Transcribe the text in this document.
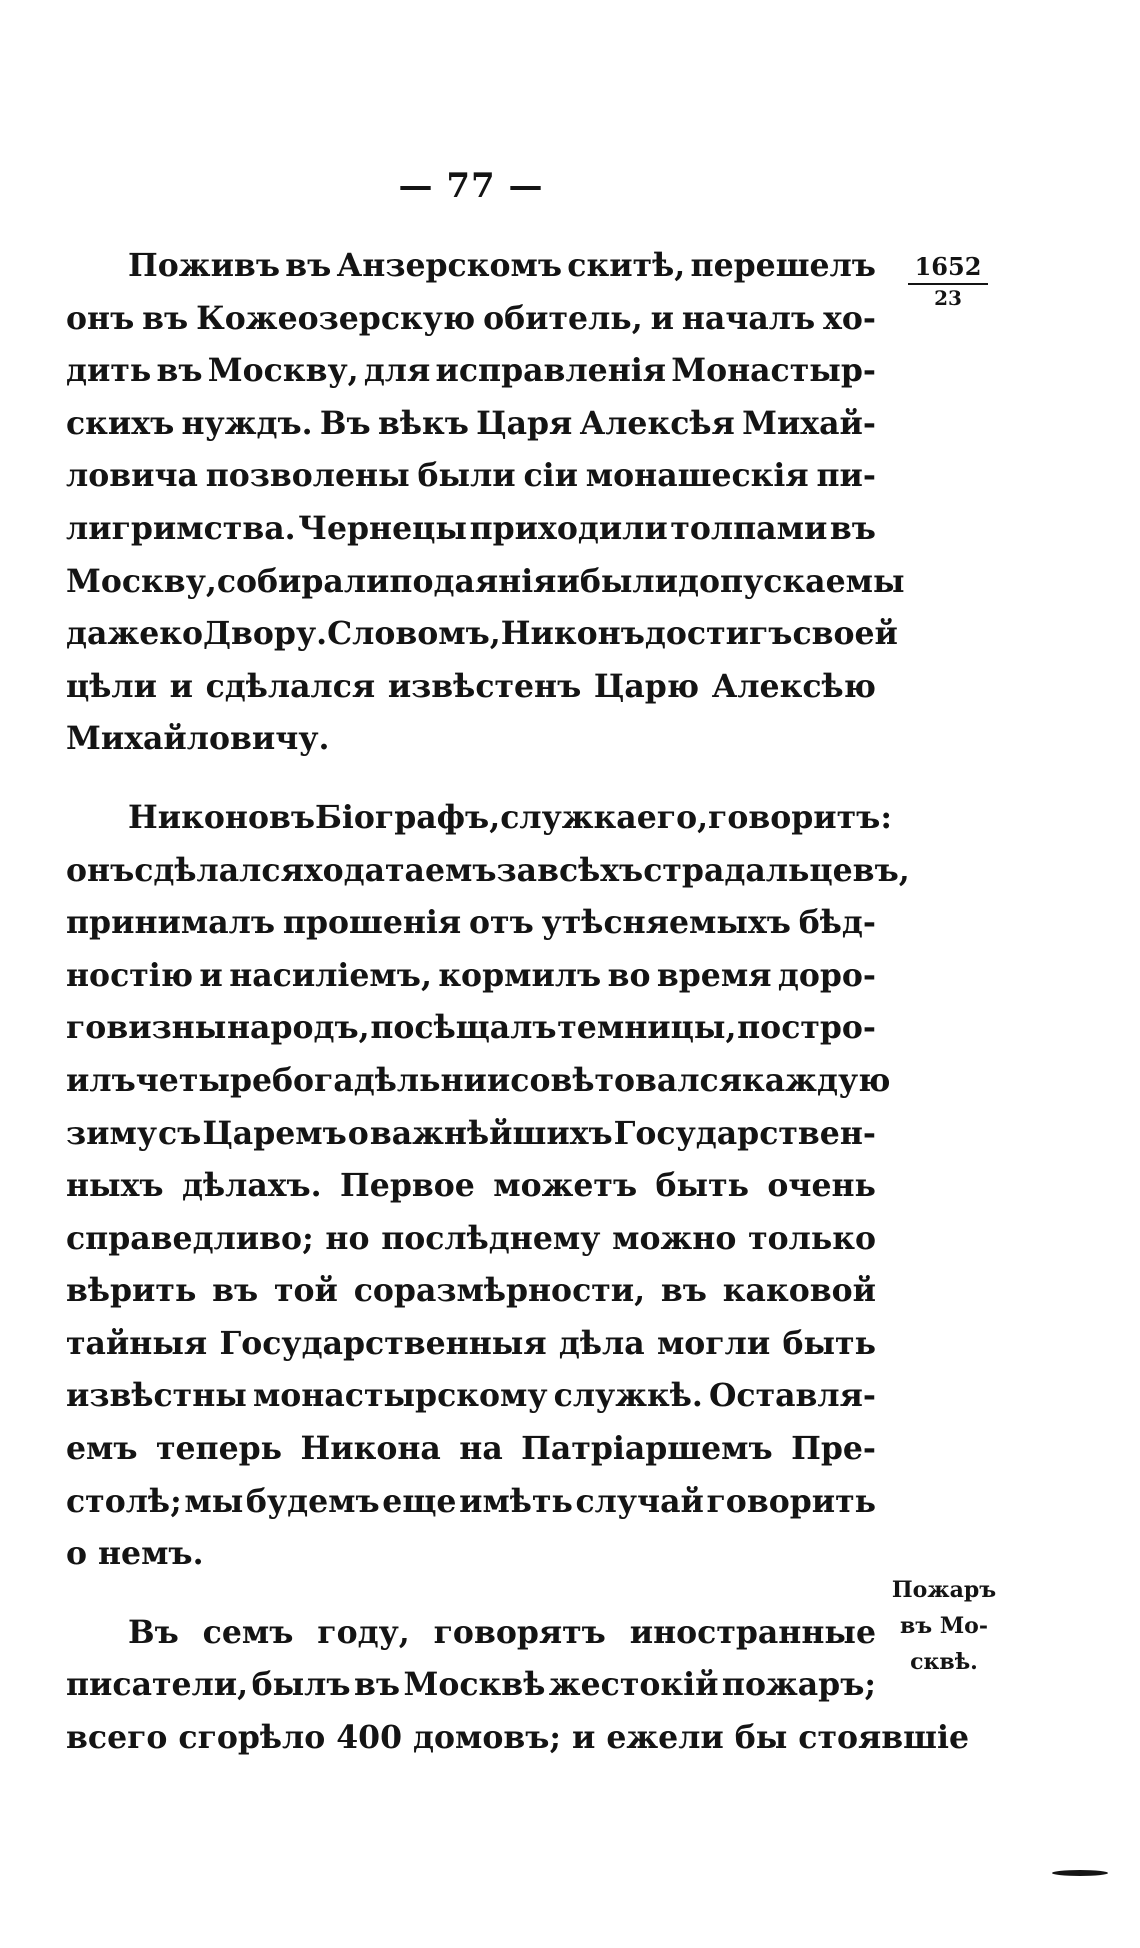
— 77 —
1652
23
Пожаръ
въ Мо-
сквѣ.
Поживъ въ Анзерскомъ скитѣ, перешелъ
онъ въ Кожеозерскую обитель, и началъ хо-
дить въ Москву, для исправленія Монастыр-
скихъ нуждъ. Въ вѣкъ Царя Алексѣя Михай-
ловича позволены были сіи монашескія пи-
лигримства. Чернецы приходили толпами въ
Москву, собирали подаянія и были допускаемы
даже ко Двору. Словомъ, Никонъ достигъ своей
цѣли и сдѣлался извѣстенъ Царю Алексѣю
Михайловичу.
Никоновъ Біографъ, служка его, говоритъ:
онъ сдѣлался ходатаемъ за всѣхъ страдальцевъ,
принималъ прошенія отъ утѣсняемыхъ бѣд-
ностію и насиліемъ, кормилъ во время доро-
говизны народъ, посѣщалъ темницы, постро-
илъ четыре богадѣльни и совѣтовался каждую
зиму съ Царемъ о важнѣйшихъ Государствен-
ныхъ дѣлахъ. Первое можетъ быть очень
справедливо; но послѣднему можно только
вѣрить въ той соразмѣрности, въ каковой
тайныя Государственныя дѣла могли быть
извѣстны монастырскому служкѣ. Оставля-
емъ теперь Никона на Патріаршемъ Пре-
столѣ; мы будемъ еще имѣть случай говорить
о немъ.
Въ семъ году, говорятъ иностранные
писатели, былъ въ Москвѣ жестокій пожаръ;
всего сгорѣло 400 домовъ; и ежели бы стоявшіе
